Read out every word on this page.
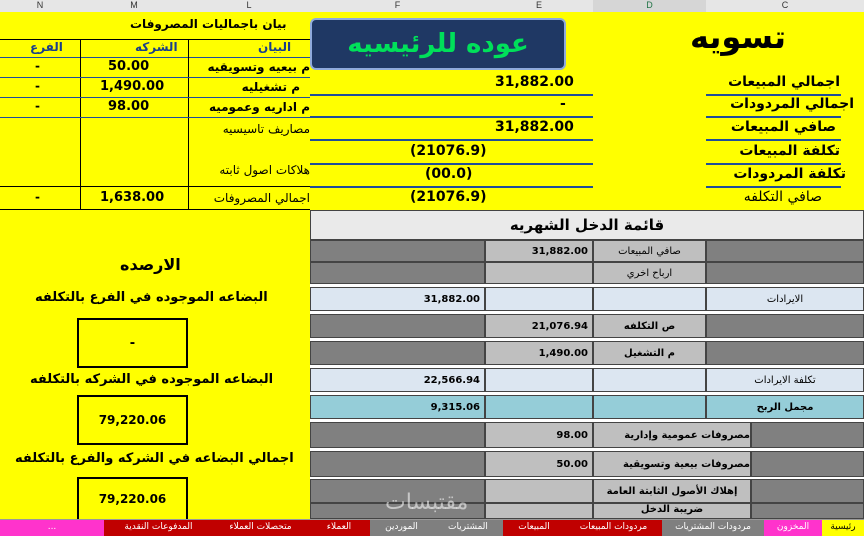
N	M	L	F	E	D	C
بيان باجماليات المصروفات
الفرع	الشركه	البيان
-	50.00	م بيعيه وتسويقيه
-	1,490.00	م تشغيليه
-	98.00	م اداريه وعموميه
مصاريف تاسيسيه
هلاكات اصول ثابته
-	1,638.00	اجمالي المصروفات
عوده للرئيسيه	تسويه
31,882.00	اجمالي المبيعات
-	اجمالي المردودات
31,882.00	صافي المبيعات
(21076.9)	تكلفة المبيعات
(00.0)	تكلفة المردودات
(21076.9)	صافي التكلفه
الارصده
البضاعه الموجوده في الفرع بالتكلفه
-
البضاعه الموجوده في الشركه بالتكلفه
79,220.06
اجمالي البضاعه في الشركه والفرع بالتكلفه
79,220.06
قائمة الدخل الشهريه
31,882.00	صافي المبيعات
ارباح اخري
31,882.00	الايرادات
21,076.94	ص التكلفه
1,490.00	م التشغيل
22,566.94	تكلفة الايرادات
9,315.06	مجمل الربح
98.00	مصروفات عمومية وإدارية
50.00	مصروفات بيعية وتسويقية
إهلاك الأصول الثابتة العامة
ضريبة الدخل
مقتبسات
رئيسية
المخزون
مردودات المشتريات
مردودات المبيعات
المبيعات
المشتريات
الموردين
العملاء
متحصلات العملاء
المدفوعات النقدية
...
